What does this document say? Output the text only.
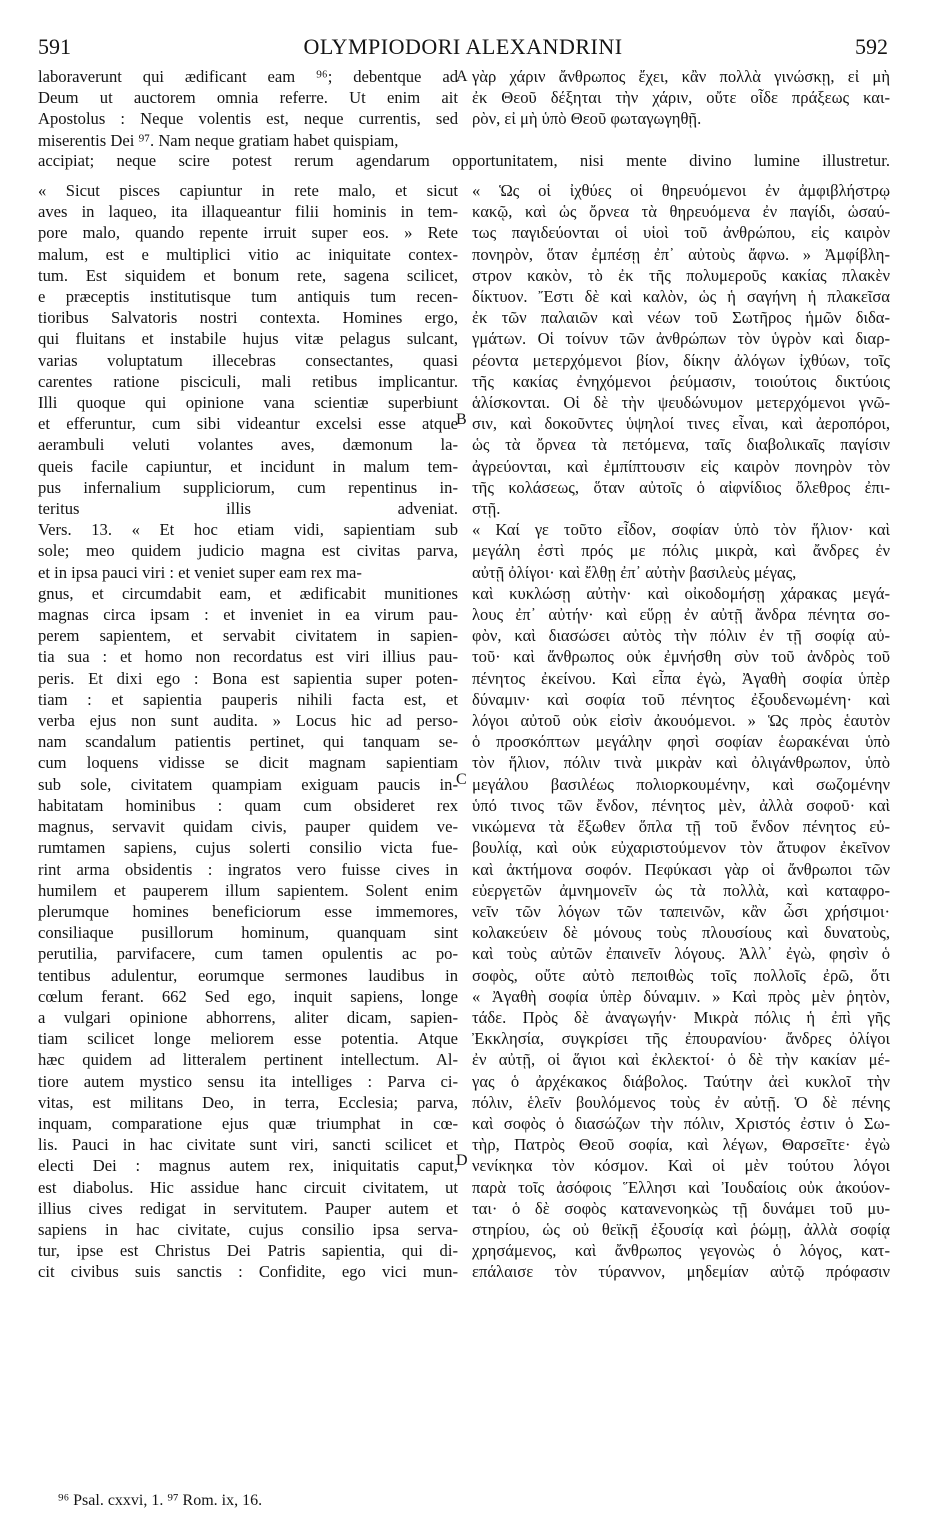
591	OLYMPIODORI ALEXANDRINI	592
laboraverunt qui ædificant eam ⁹⁶; debentque ad
Deum ut auctorem omnia referre. Ut enim ait
Apostolus : Neque volentis est, neque currentis, sed
miserentis Dei ⁹⁷. Nam neque gratiam habet quispiam,
γὰρ χάριν ἄνθρωπος ἔχει, κἂν πολλὰ γινώσκῃ, εἰ μὴ
ἐκ Θεοῦ δέξηται τὴν χάριν, οὔτε οἶδε πράξεως και-
ρὸν, εἰ μὴ ὑπὸ Θεοῦ φωταγωγηθῇ.
accipiat; neque scire potest rerum agendarum opportunitatem, nisi mente divino lumine illustretur.
« Sicut pisces capiuntur in rete malo, et sicut
aves in laqueo, ita illaqueantur filii hominis in tem-
pore malo, quando repente irruit super eos. » Rete
malum, est e multiplici vitio ac iniquitate contex-
tum. Est siquidem et bonum rete, sagena scilicet,
e præceptis institutisque tum antiquis tum recen-
tioribus Salvatoris nostri contexta. Homines ergo,
qui fluitans et instabile hujus vitæ pelagus sulcant,
varias voluptatum illecebras consectantes, quasi
carentes ratione pisciculi, mali retibus implicantur.
Illi quoque qui opinione vana scientiæ superbiunt
et efferuntur, cum sibi videantur excelsi esse atque
aerambuli veluti volantes aves, dæmonum la-
queis facile capiuntur, et incidunt in malum tem-
pus infernalium suppliciorum, cum repentinus in-
teritus illis adveniat.
Vers. 13. « Et hoc etiam vidi, sapientiam sub
sole; meo quidem judicio magna est civitas parva,
et in ipsa pauci viri : et veniet super eam rex ma-
gnus, et circumdabit eam, et ædificabit munitiones
magnas circa ipsam : et inveniet in ea virum pau-
perem sapientem, et servabit civitatem in sapien-
tia sua : et homo non recordatus est viri illius pau-
peris. Et dixi ego : Bona est sapientia super poten-
tiam : et sapientia pauperis nihili facta est, et
verba ejus non sunt audita. » Locus hic ad perso-
nam scandalum patientis pertinet, qui tanquam se-
cum loquens vidisse se dicit magnam sapientiam
sub sole, civitatem quampiam exiguam paucis in-
habitatam hominibus : quam cum obsideret rex
magnus, servavit quidam civis, pauper quidem ve-
rumtamen sapiens, cujus solerti consilio victa fue-
rint arma obsidentis : ingratos vero fuisse cives in
humilem et pauperem illum sapientem. Solent enim
plerumque homines beneficiorum esse immemores,
consiliaque pusillorum hominum, quanquam sint
perutilia, parvifacere, cum tamen opulentis ac po-
tentibus adulentur, eorumque sermones laudibus in
cœlum ferant. 662 Sed ego, inquit sapiens, longe
a vulgari opinione abhorrens, aliter dicam, sapien-
tiam scilicet longe meliorem esse potentia. Atque
hæc quidem ad litteralem pertinent intellectum. Al-
tiore autem mystico sensu ita intelliges : Parva ci-
vitas, est militans Deo, in terra, Ecclesia; parva,
inquam, comparatione ejus quæ triumphat in cœ-
lis. Pauci in hac civitate sunt viri, sancti scilicet et
electi Dei : magnus autem rex, iniquitatis caput,
est diabolus. Hic assidue hanc circuit civitatem, ut
illius cives redigat in servitutem. Pauper autem et
sapiens in hac civitate, cujus consilio ipsa serva-
tur, ipse est Christus Dei Patris sapientia, qui di-
cit civibus suis sanctis : Confidite, ego vici mun-
« Ὡς οἱ ἰχθύες οἱ θηρευόμενοι ἐν ἀμφιβλήστρῳ
κακῷ, καὶ ὡς ὄρνεα τὰ θηρευόμενα ἐν παγίδι, ὡσαύ-
τως παγιδεύονται οἱ υἱοὶ τοῦ ἀνθρώπου, εἰς καιρὸν
πονηρὸν, ὅταν ἐμπέσῃ ἐπ᾽ αὐτοὺς ἄφνω. » Ἀμφίβλη-
στρον κακὸν, τὸ ἐκ τῆς πολυμεροῦς κακίας πλακὲν
δίκτυον. Ἔστι δὲ καὶ καλὸν, ὡς ἡ σαγήνη ἡ πλακεῖσα
ἐκ τῶν παλαιῶν καὶ νέων τοῦ Σωτῆρος ἡμῶν διδα-
γμάτων. Οἱ τοίνυν τῶν ἀνθρώπων τὸν ὑγρὸν καὶ διαρ-
ρέοντα μετερχόμενοι βίον, δίκην ἀλόγων ἰχθύων, τοῖς
τῆς κακίας ἐνηχόμενοι ῥεύμασιν, τοιούτοις δικτύοις
ἁλίσκονται. Οἱ δὲ τὴν ψευδώνυμον μετερχόμενοι γνῶ-
σιν, καὶ δοκοῦντες ὑψηλοί τινες εἶναι, καὶ ἀεροπόροι,
ὡς τὰ ὄρνεα τὰ πετόμενα, ταῖς διαβολικαῖς παγίσιν
ἀγρεύονται, καὶ ἐμπίπτουσιν εἰς καιρὸν πονηρὸν τὸν
τῆς κολάσεως, ὅταν αὐτοῖς ὁ αἰφνίδιος ὄλεθρος ἐπι-
στῇ.
« Καί γε τοῦτο εἶδον, σοφίαν ὑπὸ τὸν ἥλιον· καὶ
μεγάλη ἐστὶ πρός με πόλις μικρὰ, καὶ ἄνδρες ἐν
αὐτῇ ὀλίγοι· καὶ ἔλθῃ ἐπ᾽ αὐτὴν βασιλεὺς μέγας,
καὶ κυκλώσῃ αὐτὴν· καὶ οἰκοδομήσῃ χάρακας μεγά-
λους ἐπ᾽ αὐτήν· καὶ εὕρῃ ἐν αὐτῇ ἄνδρα πένητα σο-
φὸν, καὶ διασώσει αὐτὸς τὴν πόλιν ἐν τῇ σοφίᾳ αὐ-
τοῦ· καὶ ἄνθρωπος οὐκ ἐμνήσθη σὺν τοῦ ἀνδρὸς τοῦ
πένητος ἐκείνου. Καὶ εἶπα ἐγὼ, Ἀγαθὴ σοφία ὑπὲρ
δύναμιν· καὶ σοφία τοῦ πένητος ἐξουδενωμένη· καὶ
λόγοι αὐτοῦ οὐκ εἰσὶν ἀκουόμενοι. » Ὡς πρὸς ἑαυτὸν
ὁ προσκόπτων μεγάλην φησὶ σοφίαν ἑωρακέναι ὑπὸ
τὸν ἥλιον, πόλιν τινὰ μικρὰν καὶ ὀλιγάνθρωπον, ὑπὸ
μεγάλου βασιλέως πολιορκουμένην, καὶ σωζομένην
ὑπό τινος τῶν ἔνδον, πένητος μὲν, ἀλλὰ σοφοῦ· καὶ
νικώμενα τὰ ἔξωθεν ὅπλα τῇ τοῦ ἔνδον πένητος εὐ-
βουλίᾳ, καὶ οὐκ εὐχαριστούμενον τὸν ἄτυφον ἐκεῖνον
καὶ ἀκτήμονα σοφόν. Πεφύκασι γὰρ οἱ ἄνθρωποι τῶν
εὐεργετῶν ἀμνημονεῖν ὡς τὰ πολλὰ, καὶ καταφρο-
νεῖν τῶν λόγων τῶν ταπεινῶν, κἂν ὦσι χρήσιμοι·
κολακεύειν δὲ μόνους τοὺς πλουσίους καὶ δυνατοὺς,
καὶ τοὺς αὐτῶν ἐπαινεῖν λόγους. Ἀλλ᾽ ἐγὼ, φησὶν ὁ
σοφὸς, οὔτε αὐτὸ πεποιθὼς τοῖς πολλοῖς ἐρῶ, ὅτι
« Ἀγαθὴ σοφία ὑπὲρ δύναμιν. » Καὶ πρὸς μὲν ῥητὸν,
τάδε. Πρὸς δὲ ἀναγωγήν· Μικρὰ πόλις ἡ ἐπὶ γῆς
Ἐκκλησία, συγκρίσει τῆς ἐπουρανίου· ἄνδρες ὀλίγοι
ἐν αὐτῇ, οἱ ἅγιοι καὶ ἐκλεκτοί· ὁ δὲ τὴν κακίαν μέ-
γας ὁ ἀρχέκακος διάβολος. Ταύτην ἀεὶ κυκλοῖ τὴν
πόλιν, ἑλεῖν βουλόμενος τοὺς ἐν αὐτῇ. Ὁ δὲ πένης
καὶ σοφὸς ὁ διασώζων τὴν πόλιν, Χριστός ἐστιν ὁ Σω-
τὴρ, Πατρὸς Θεοῦ σοφία, καὶ λέγων, Θαρσεῖτε· ἐγὼ
νενίκηκα τὸν κόσμον. Καὶ οἱ μὲν τούτου λόγοι
παρὰ τοῖς ἀσόφοις Ἕλλησι καὶ Ἰουδαίοις οὐκ ἀκούον-
ται· ὁ δὲ σοφὸς κατανενοηκὼς τῇ δυνάμει τοῦ μυ-
στηρίου, ὡς οὐ θεϊκῇ ἐξουσίᾳ καὶ ῥώμῃ, ἀλλὰ σοφίᾳ
χρησάμενος, καὶ ἄνθρωπος γεγονὼς ὁ λόγος, κατ-
επάλαισε τὸν τύραννον, μηδεμίαν αὐτῷ πρόφασιν
A
B
C
D
⁹⁶ Psal. cxxvi, 1. ⁹⁷ Rom. ix, 16.
